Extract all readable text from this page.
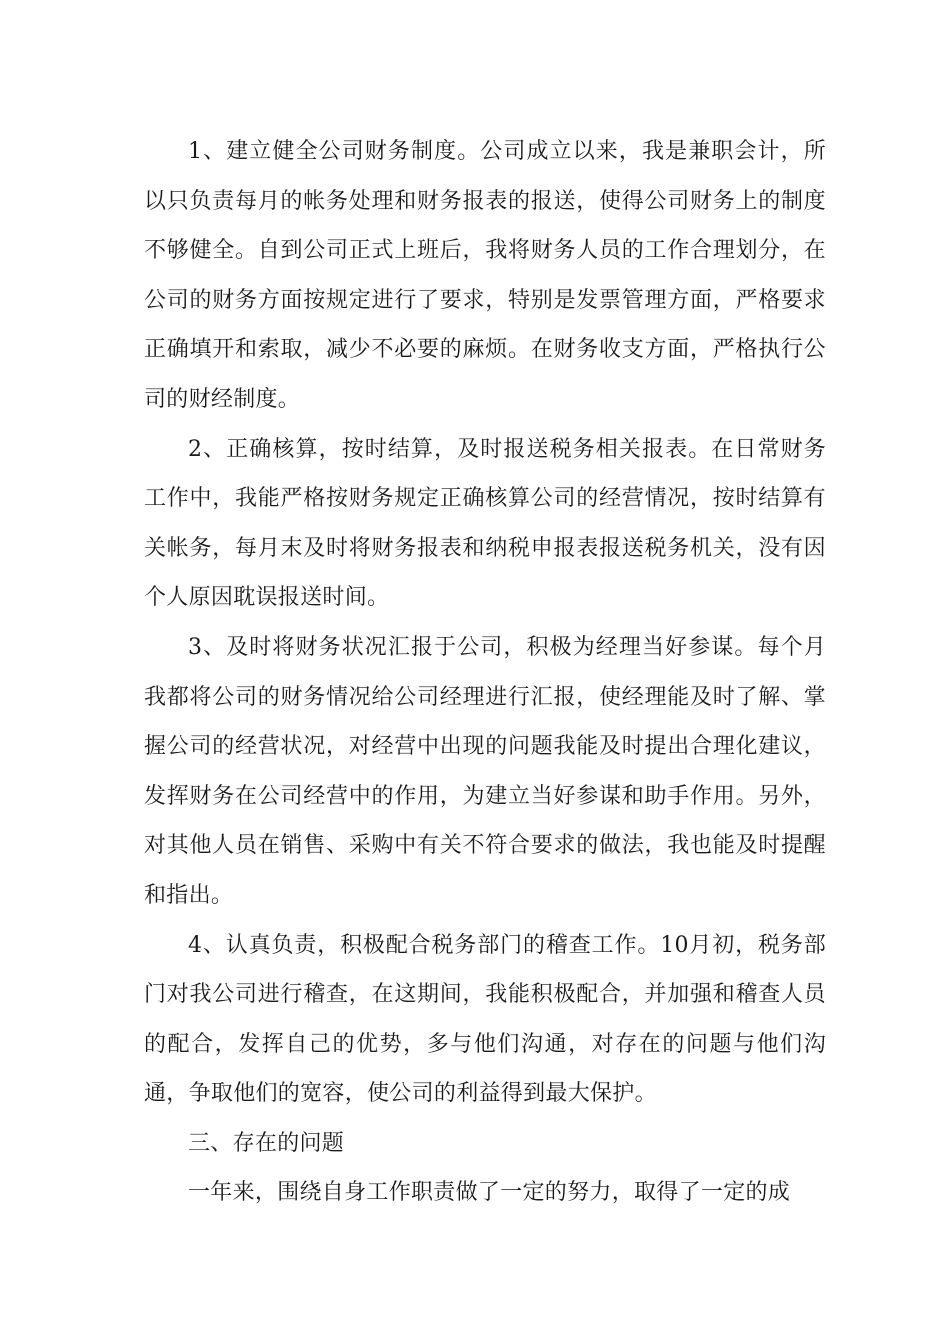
1、建立健全公司财务制度。公司成立以来，我是兼职会计，所以只负责每月的帐务处理和财务报表的报送，使得公司财务上的制度不够健全。自到公司正式上班后，我将财务人员的工作合理划分，在公司的财务方面按规定进行了要求，特别是发票管理方面，严格要求正确填开和索取，减少不必要的麻烦。在财务收支方面，严格执行公司的财经制度。

2、正确核算，按时结算，及时报送税务相关报表。在日常财务工作中，我能严格按财务规定正确核算公司的经营情况，按时结算有关帐务，每月末及时将财务报表和纳税申报表报送税务机关，没有因个人原因耽误报送时间。

3、及时将财务状况汇报于公司，积极为经理当好参谋。每个月我都将公司的财务情况给公司经理进行汇报，使经理能及时了解、掌握公司的经营状况，对经营中出现的问题我能及时提出合理化建议，发挥财务在公司经营中的作用，为建立当好参谋和助手作用。另外，对其他人员在销售、采购中有关不符合要求的做法，我也能及时提醒和指出。

4、认真负责，积极配合税务部门的稽查工作。10月初，税务部门对我公司进行稽查，在这期间，我能积极配合，并加强和稽查人员的配合，发挥自己的优势，多与他们沟通，对存在的问题与他们沟通，争取他们的宽容，使公司的利益得到最大保护。

三、存在的问题

一年来，围绕自身工作职责做了一定的努力，取得了一定的成
